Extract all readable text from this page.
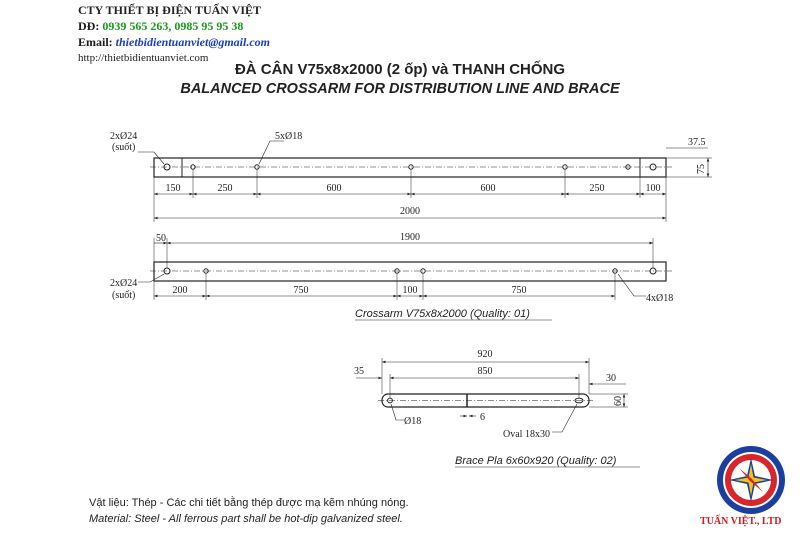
CTY THIẾT BỊ ĐIỆN TUẤN VIỆT
DĐ: 0939 565 263, 0985 95 95 38
Email: thietbidientuanviet@gmail.com
http://thietbidientuanviet.com
ĐÀ CÂN V75x8x2000 (2 ốp) và THANH CHỐNG
BALANCED CROSSARM FOR DISTRIBUTION LINE AND BRACE
2xØ24
(suốt)
5xØ18
150	250	600	600	250	100
2000
37.5
75
50	1900
2xØ24
(suốt)	4xØ18
200	750	100	750
Crossarm V75x8x2000 (Quality: 01)
920
850
35
30
60
Ø18	6
Oval 18x30
Brace Pla 6x60x920 (Quality: 02)
Vật liệu: Thép - Các chi tiết bằng thép được mạ kẽm nhúng nóng.
Material: Steel - All ferrous part shall be hot-dip galvanized steel.	TUẤN VIỆT., LTD
